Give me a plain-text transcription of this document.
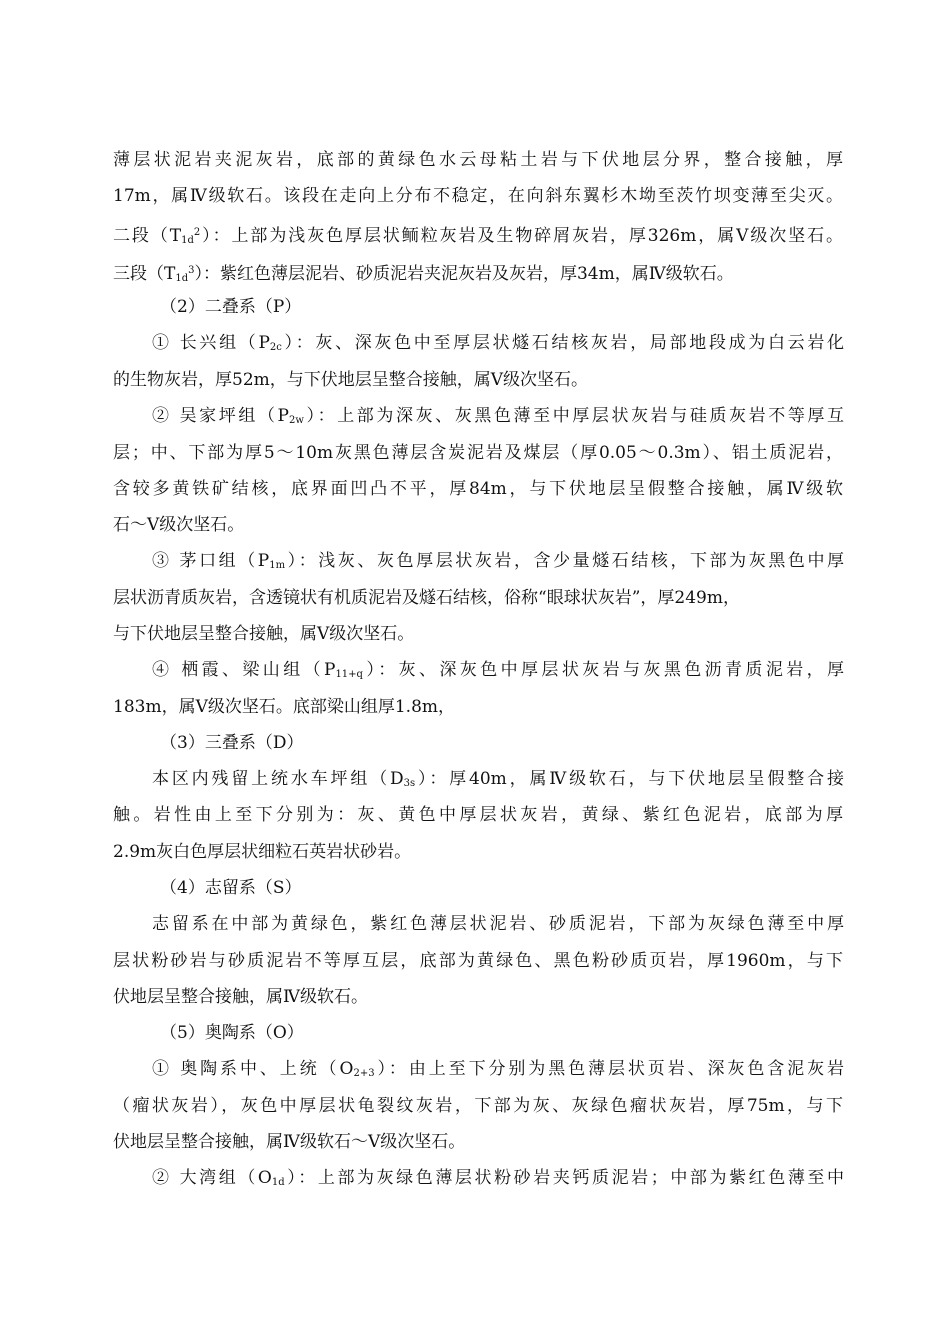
薄层状泥岩夹泥灰岩，底部的黄绿色水云母粘土岩与下伏地层分界，整合接触，厚
17m，属Ⅳ级软石。该段在走向上分布不稳定，在向斜东翼杉木坳至茨竹坝变薄至尖灭。
二段$(T_{1d}^2)$：上部为浅灰色厚层状鲕粒灰岩及生物碎屑灰岩，厚326m，属Ⅴ级次坚石。
三段$(T_{1d}^3)$：紫红色薄层泥岩、砂质泥岩夹泥灰岩及灰岩，厚34m，属Ⅳ级软石。
（2）二叠系（P）
① 长兴组$(P_{2c})$：灰、深灰色中至厚层状燧石结核灰岩，局部地段成为白云岩化
的生物灰岩，厚52m，与下伏地层呈整合接触，属Ⅴ级次坚石。
② 吴家坪组$(P_{2w})$：上部为深灰、灰黑色薄至中厚层状灰岩与硅质灰岩不等厚互
层；中、下部为厚5～10m灰黑色薄层含炭泥岩及煤层（厚0.05～0.3m）、铝土质泥岩，
含较多黄铁矿结核，底界面凹凸不平，厚84m，与下伏地层呈假整合接触，属Ⅳ级软
石～Ⅴ级次坚石。
③ 茅口组$(P_{1m})$：浅灰、灰色厚层状灰岩，含少量燧石结核，下部为灰黑色中厚
层状沥青质灰岩，含透镜状有机质泥岩及燧石结核，俗称“眼球状灰岩”，厚249m，
与下伏地层呈整合接触，属Ⅴ级次坚石。
④ 栖霞、梁山组$(P_{11+q})$：灰、深灰色中厚层状灰岩与灰黑色沥青质泥岩，厚
183m，属Ⅴ级次坚石。底部梁山组厚1.8m，
（3）三叠系（D）
本区内残留上统水车坪组$(D_{3s})$：厚40m，属Ⅳ级软石，与下伏地层呈假整合接
触。岩性由上至下分别为：灰、黄色中厚层状灰岩，黄绿、紫红色泥岩，底部为厚
2.9m灰白色厚层状细粒石英岩状砂岩。
（4）志留系（S）
志留系在中部为黄绿色，紫红色薄层状泥岩、砂质泥岩，下部为灰绿色薄至中厚
层状粉砂岩与砂质泥岩不等厚互层，底部为黄绿色、黑色粉砂质页岩，厚1960m，与下
伏地层呈整合接触，属Ⅳ级软石。
（5）奥陶系（O）
① 奥陶系中、上统$(O_{2+3})$：由上至下分别为黑色薄层状页岩、深灰色含泥灰岩
（瘤状灰岩），灰色中厚层状龟裂纹灰岩，下部为灰、灰绿色瘤状灰岩，厚75m，与下
伏地层呈整合接触，属Ⅳ级软石～Ⅴ级次坚石。
② 大湾组$(O_{1d})$：上部为灰绿色薄层状粉砂岩夹钙质泥岩；中部为紫红色薄至中
